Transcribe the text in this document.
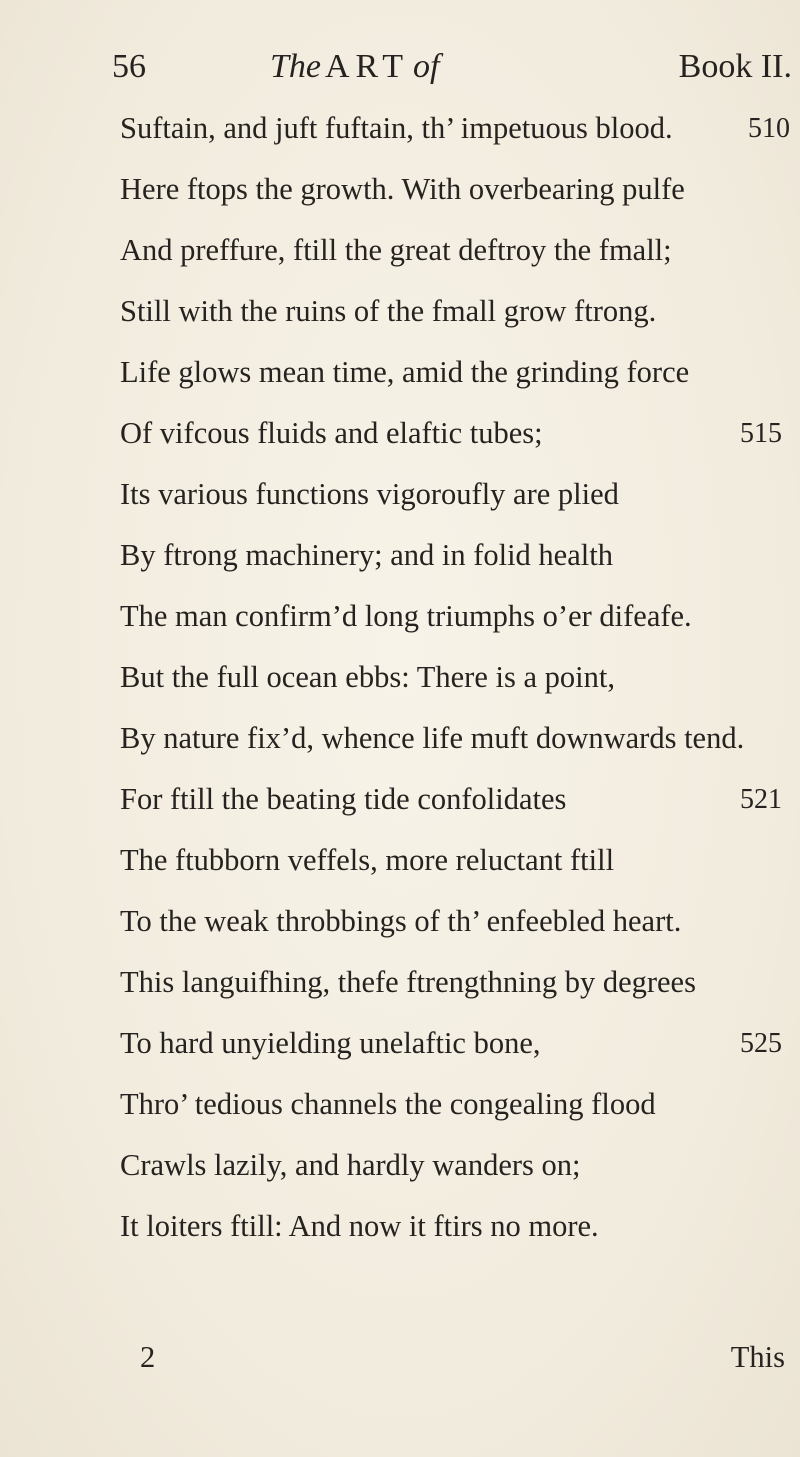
56	The ART of	Book II.
Suftain, and juft fuftain, th’ impetuous blood.	510
Here ftops the growth. With overbearing pulfe
And preffure, ftill the great deftroy the fmall;
Still with the ruins of the fmall grow ftrong.
Life glows mean time, amid the grinding force
Of vifcous fluids and elaftic tubes;	515
Its various functions vigoroufly are plied
By ftrong machinery; and in folid health
The man confirm’d long triumphs o’er difeafe.
But the full ocean ebbs: There is a point,
By nature fix’d, whence life muft downwards tend.
For ftill the beating tide confolidates	521
The ftubborn veffels, more reluctant ftill
To the weak throbbings of th’ enfeebled heart.
This languifhing, thefe ftrengthning by degrees
To hard unyielding unelaftic bone,	525
Thro’ tedious channels the congealing flood
Crawls lazily, and hardly wanders on;
It loiters ftill: And now it ftirs no more.
2	This
